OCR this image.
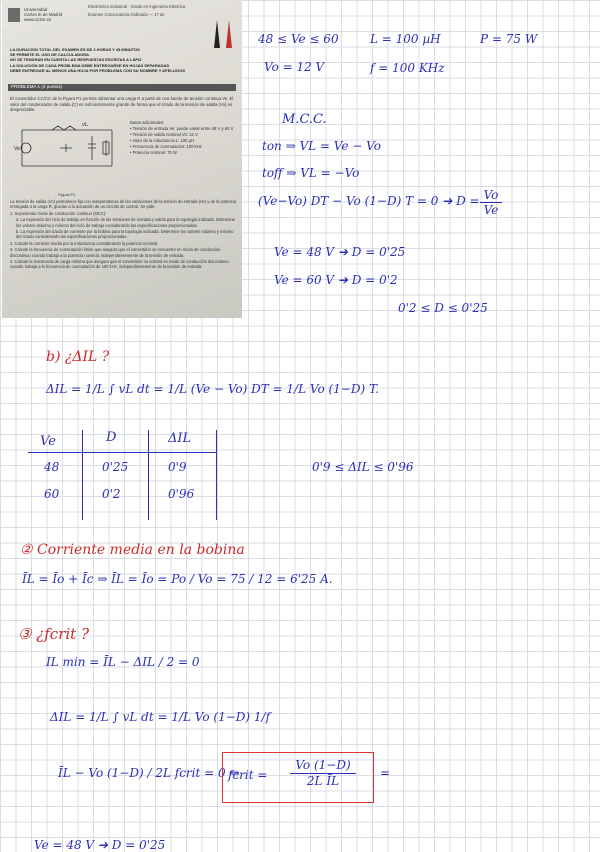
Universidad
Carlos III de Madrid
www.uc3m.es
Electrónica Industrial · Grado en Ingeniería Eléctrica
Examen Convocatoria Ordinaria — 17 de
LA DURACIÓN TOTAL DEL EXAMEN ES DE 2 HORAS Y 45 MINUTOS
SE PERMITE EL USO DE CALCULADORA
NO SE TENDRÁN EN CUENTA LAS RESPUESTAS ESCRITAS A LÁPIZ
LA SOLUCIÓN DE CADA PROBLEMA DEBE ENTREGARSE EN HOJAS SEPARADAS
DEBE ENTREGAR AL MENOS UNA HOJA POR PROBLEMA CON SU NOMBRE Y APELLIDOS
PROBLEMA 1 (4 puntos)
El convertidor CC/CC de la Figura P1 permite alimentar una carga R a partir de una fuente de tensión continua Ve. El valor del condensador de salida (C) es suficientemente grande de forma que el rizado de la tensión de salida (Vo) es despreciable.
Ve
vL
Figura P1
Datos adicionales:
• Tensión de entrada Ve: puede variar entre 48 V y 60 V
• Tensión de salida nominal Vo: 12 V
• Valor de la inductancia L: 100 µH
• Frecuencia de conmutación: 100 kHz
• Potencia nominal: 75 W

La tensión de salida (Vo) permanece fija con independencia de las variaciones de la tensión de entrada (Ve) y de la potencia entregada a la carga R, gracias a la actuación de un circuito de control. Se pide:

1. Suponiendo modo de conducción continuo (MCC):

a. La expresión del ciclo de trabajo en función de las tensiones de entrada y salida para la topología indicada. Determine los valores máximo y mínimo del ciclo de trabajo considerando las especificaciones proporcionadas.

b. La expresión del rizado de corriente por la bobina para la topología indicada. Determine los valores máximo y mínimo del rizado considerando las especificaciones proporcionadas.

2. Calcule la corriente media por la inductancia considerando la potencia nominal.

3. Calcule la frecuencia de conmutación límite que asegura que el convertidor se encuentre en modo de conducción discontinuo cuando trabaja a la potencia nominal, independientemente de la tensión de entrada.

4. Calcule la resistencia de carga mínima que asegura que el convertidor no entrará en modo de conducción discontinuo cuando trabaja a la frecuencia de conmutación de 100 kHz, independientemente de la tensión de entrada.

48 ≤ Ve ≤ 60	L = 100 µH	P = 75 W
Vo = 12 V	f = 100 KHz
M.C.C.
ton ⇒ VL = Ve − Vo
toff ⇒ VL = −Vo
(Ve−Vo) DT − Vo (1−D) T = 0 ➔ $D = \frac{Vo}{Ve}$
Ve = 48 V ➔ D = 0'25
Ve = 60 V ➔ D = 0'2
0'2 ≤ D ≤ 0'25
b) ¿ΔIL ?
ΔIL = 1/L ∫ vL dt = 1/L (Ve − Vo) DT = 1/L Vo (1−D) T.
Ve	D	ΔIL
48	0'25	0'9
60	0'2	0'96
0'9 ≤ ΔIL ≤ 0'96
② Corriente media en la bobina
ĪL = Īo + Īc ⇒ ĪL = Īo = Po / Vo = 75 / 12 = 6'25 A.
③ ¿fcrit ?
IL min = ĪL − ΔIL / 2 = 0
ΔIL = 1/L ∫ vL dt = 1/L Vo (1−D) 1/f
ĪL − Vo (1−D) / 2L fcrit = 0 ⇒
fcrit = $\frac{Vo (1-D)}{\text{2L ĪL}}$ =
Ve = 48 V ➔ D = 0'25
